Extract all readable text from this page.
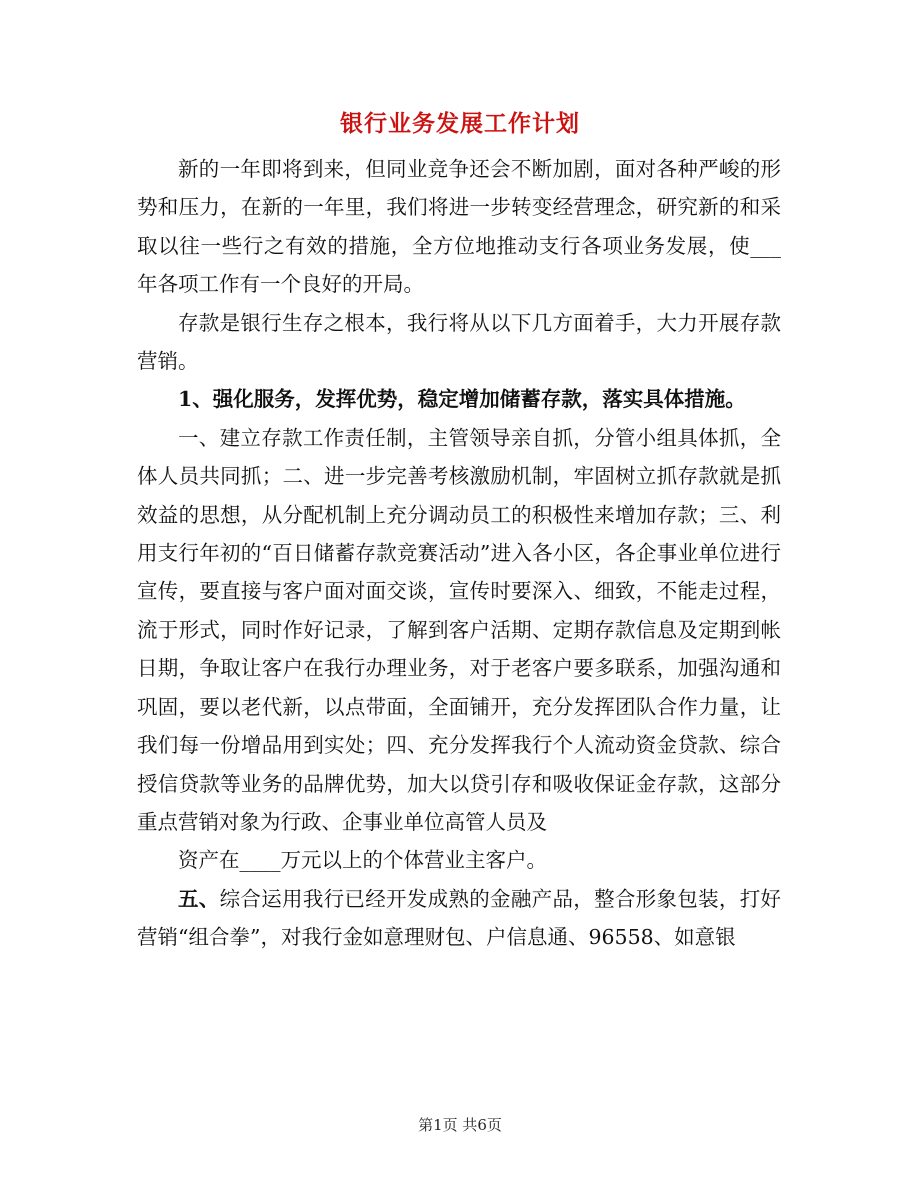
银行业务发展工作计划

新的一年即将到来，但同业竞争还会不断加剧，面对各种严峻的形势和压力，在新的一年里，我们将进一步转变经营理念，研究新的和采取以往一些行之有效的措施，全方位地推动支行各项业务发展，使___年各项工作有一个良好的开局。

存款是银行生存之根本，我行将从以下几方面着手，大力开展存款营销。

1、强化服务，发挥优势，稳定增加储蓄存款，落实具体措施。

一、建立存款工作责任制，主管领导亲自抓，分管小组具体抓，全体人员共同抓；二、进一步完善考核激励机制，牢固树立抓存款就是抓效益的思想，从分配机制上充分调动员工的积极性来增加存款；三、利用支行年初的“百日储蓄存款竞赛活动”进入各小区，各企事业单位进行宣传，要直接与客户面对面交谈，宣传时要深入、细致，不能走过程，流于形式，同时作好记录，了解到客户活期、定期存款信息及定期到帐日期，争取让客户在我行办理业务，对于老客户要多联系，加强沟通和巩固，要以老代新，以点带面，全面铺开，充分发挥团队合作力量，让我们每一份增品用到实处；四、充分发挥我行个人流动资金贷款、综合授信贷款等业务的品牌优势，加大以贷引存和吸收保证金存款，这部分重点营销对象为行政、企事业单位高管人员及

资产在____万元以上的个体营业主客户。

五、综合运用我行已经开发成熟的金融产品，整合形象包装，打好营销“组合拳”，对我行金如意理财包、户信息通、96558、如意银

第1页 共6页
